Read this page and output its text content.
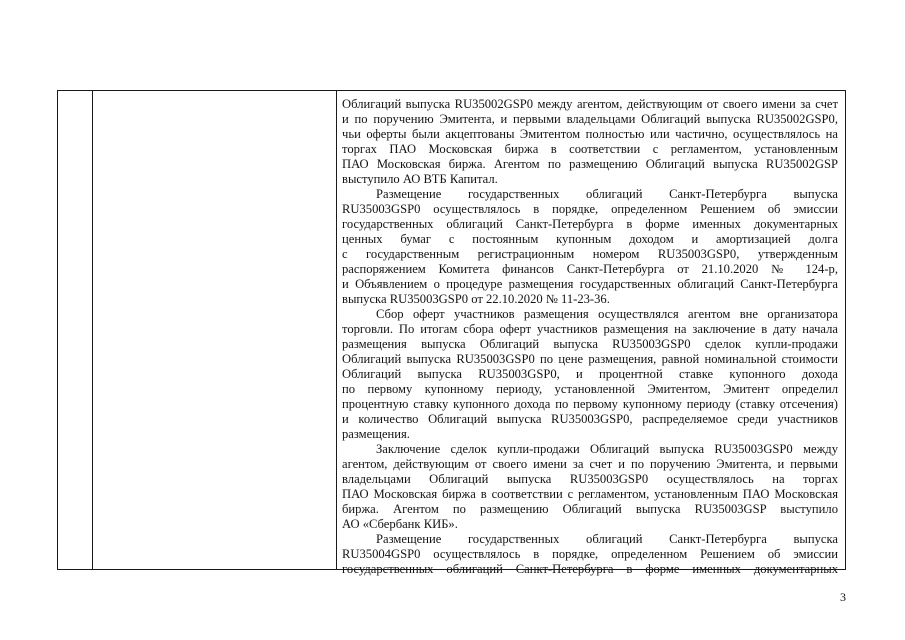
Облигаций выпуска RU35002GSP0 между агентом, действующим от своего имени за счет
и по поручению Эмитента, и первыми владельцами Облигаций выпуска RU35002GSP0,
чьи оферты были акцептованы Эмитентом полностью или частично, осуществлялось на
торгах ПАО Московская биржа в соответствии с регламентом, установленным
ПАО Московская биржа. Агентом по размещению Облигаций выпуска RU35002GSP
выступило АО ВТБ Капитал.
Размещение государственных облигаций Санкт-Петербурга выпуска
RU35003GSP0 осуществлялось в порядке, определенном Решением об эмиссии
государственных облигаций Санкт-Петербурга в форме именных документарных
ценных бумаг с постоянным купонным доходом и амортизацией долга
с государственным регистрационным номером RU35003GSP0, утвержденным
распоряжением Комитета финансов Санкт-Петербурга от 21.10.2020 № 124-р,
и Объявлением о процедуре размещения государственных облигаций Санкт-Петербурга
выпуска RU35003GSP0 от 22.10.2020 № 11-23-36.
Сбор оферт участников размещения осуществлялся агентом вне организатора
торговли. По итогам сбора оферт участников размещения на заключение в дату начала
размещения выпуска Облигаций выпуска RU35003GSP0 сделок купли-продажи
Облигаций выпуска RU35003GSP0 по цене размещения, равной номинальной стоимости
Облигаций выпуска RU35003GSP0, и процентной ставке купонного дохода
по первому купонному периоду, установленной Эмитентом, Эмитент определил
процентную ставку купонного дохода по первому купонному периоду (ставку отсечения)
и количество Облигаций выпуска RU35003GSP0, распределяемое среди участников
размещения.
Заключение сделок купли-продажи Облигаций выпуска RU35003GSP0 между
агентом, действующим от своего имени за счет и по поручению Эмитента, и первыми
владельцами Облигаций выпуска RU35003GSP0 осуществлялось на торгах
ПАО Московская биржа в соответствии с регламентом, установленным ПАО Московская
биржа. Агентом по размещению Облигаций выпуска RU35003GSP выступило
АО «Сбербанк КИБ».
Размещение государственных облигаций Санкт-Петербурга выпуска
RU35004GSP0 осуществлялось в порядке, определенном Решением об эмиссии
государственных облигаций Санкт-Петербурга в форме именных документарных
3
